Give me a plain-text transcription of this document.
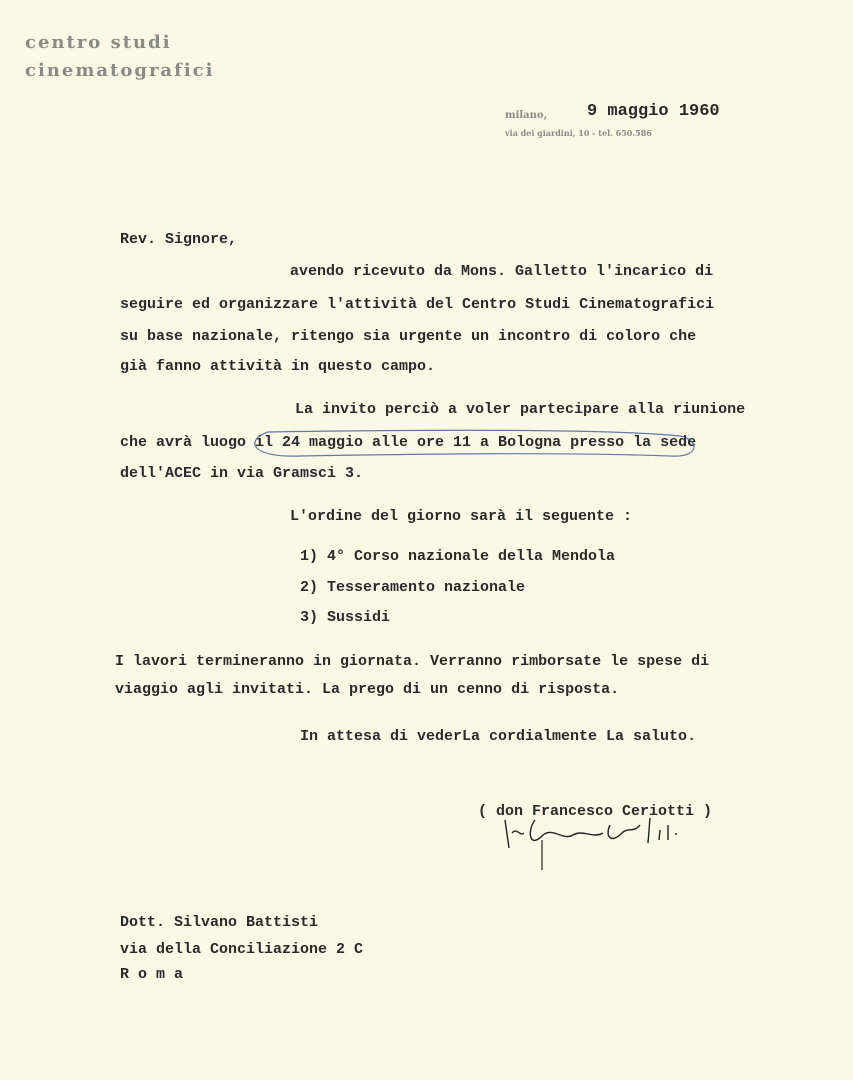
centro studi
cinematografici
milano, 9 maggio 1960
via dei giardini, 10 - tel. 650.586
Rev. Signore,
avendo ricevuto da Mons. Galletto l'incarico di
seguire ed organizzare l'attività del Centro Studi Cinematografici
su base nazionale, ritengo sia urgente un incontro di coloro che
già fanno attività in questo campo.
La invito perciò a voler partecipare alla riunione
che avrà luogo il 24 maggio alle ore 11 a Bologna presso la sede
dell'ACEC in via Gramsci 3.
L'ordine del giorno sarà il seguente :
1) 4° Corso nazionale della Mendola
2) Tesseramento nazionale
3) Sussidi
I lavori termineranno in giornata. Verranno rimborsate le spese di
viaggio agli invitati. La prego di un cenno di risposta.
In attesa di vederLa cordialmente La saluto.
( don Francesco Ceriotti )
Dott. Silvano Battisti
via della Conciliazione 2 C
R o m a
